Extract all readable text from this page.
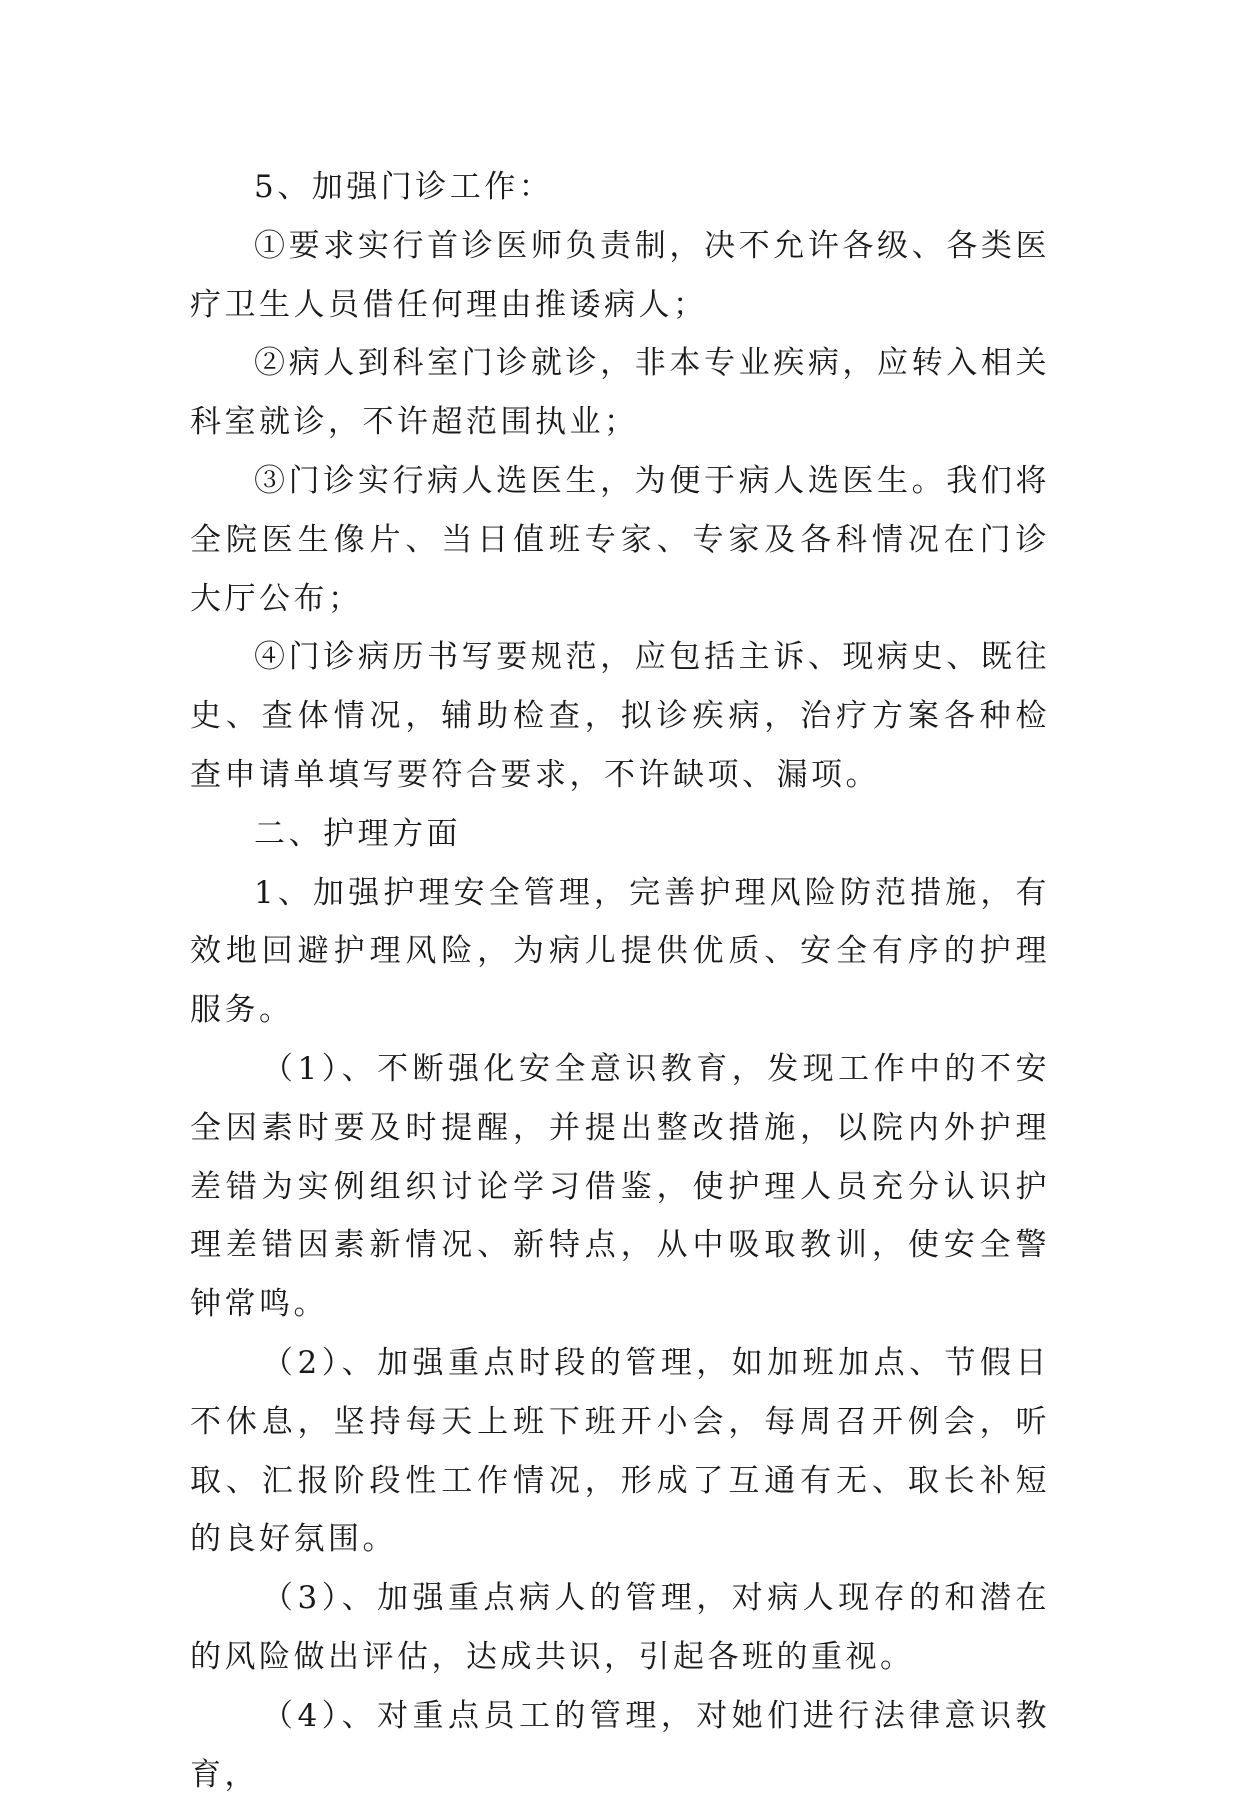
5、加强门诊工作：

①要求实行首诊医师负责制，决不允许各级、各类医疗卫生人员借任何理由推诿病人；

②病人到科室门诊就诊，非本专业疾病，应转入相关科室就诊，不许超范围执业；

③门诊实行病人选医生，为便于病人选医生。我们将全院医生像片、当日值班专家、专家及各科情况在门诊大厅公布；

④门诊病历书写要规范，应包括主诉、现病史、既往史、查体情况，辅助检查，拟诊疾病，治疗方案各种检查申请单填写要符合要求，不许缺项、漏项。

二、护理方面

1、加强护理安全管理，完善护理风险防范措施，有效地回避护理风险，为病儿提供优质、安全有序的护理服务。

（1）、不断强化安全意识教育，发现工作中的不安全因素时要及时提醒，并提出整改措施，以院内外护理差错为实例组织讨论学习借鉴，使护理人员充分认识护理差错因素新情况、新特点，从中吸取教训，使安全警钟常鸣。

（2）、加强重点时段的管理，如加班加点、节假日不休息，坚持每天上班下班开小会，每周召开例会，听取、汇报阶段性工作情况，形成了互通有无、取长补短的良好氛围。

（3）、加强重点病人的管理，对病人现存的和潜在的风险做出评估，达成共识，引起各班的重视。

（4）、对重点员工的管理，对她们进行法律意识教育，
